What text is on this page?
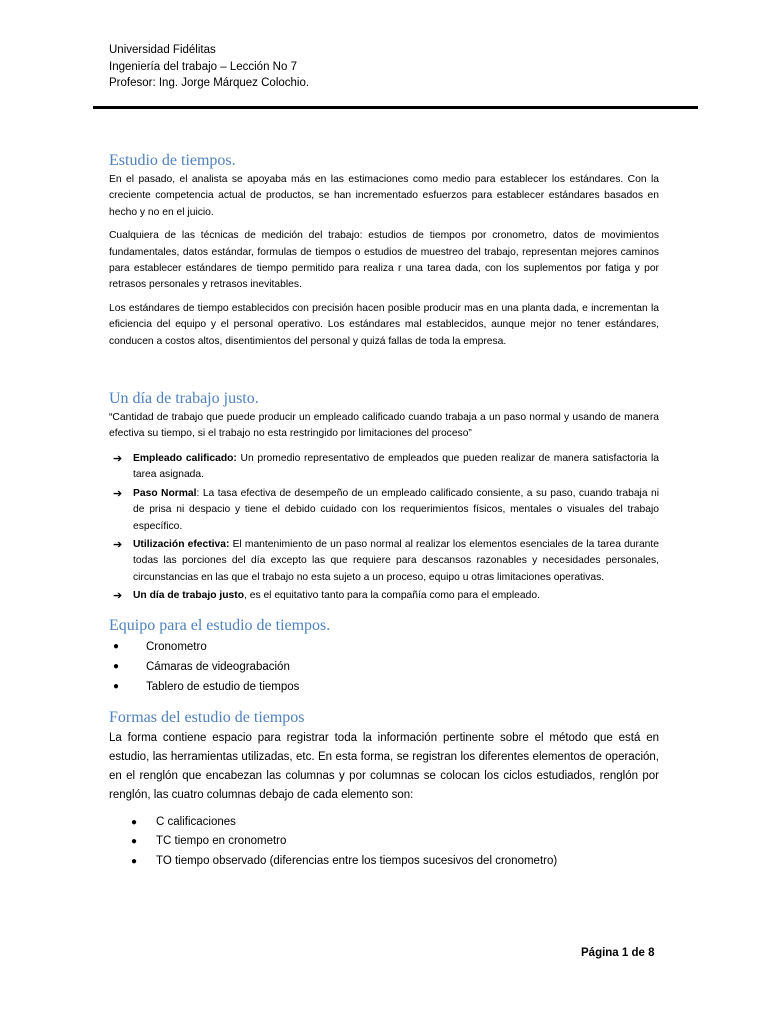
Universidad Fidélitas
Ingeniería del trabajo – Lección No 7
Profesor: Ing. Jorge Márquez Colochio.
Estudio de tiempos.

En el pasado, el analista se apoyaba más en las estimaciones como medio para establecer los estándares. Con la creciente competencia actual de productos, se han incrementado esfuerzos para establecer estándares basados en hecho y no en el juicio.

Cualquiera de las técnicas de medición del trabajo: estudios de tiempos por cronometro, datos de movimientos fundamentales, datos estándar, formulas de tiempos o estudios de muestreo del trabajo, representan mejores caminos para establecer estándares de tiempo permitido para realiza r una tarea dada, con los suplementos por fatiga y por retrasos personales y retrasos inevitables.

Los estándares de tiempo establecidos con precisión hacen posible producir mas en una planta dada, e incrementan la eficiencia del equipo y el personal operativo. Los estándares mal establecidos, aunque mejor no tener estándares, conducen a costos altos, disentimientos del personal y quizá fallas de toda la empresa.

Un día de trabajo justo.

“Cantidad de trabajo que puede producir un empleado calificado cuando trabaja a un paso normal y usando de manera efectiva su tiempo, si el trabajo no esta restringido por limitaciones del proceso”

➔ Empleado calificado: Un promedio representativo de empleados que pueden realizar de manera satisfactoria la tarea asignada.
➔ Paso Normal: La tasa efectiva de desempeño de un empleado calificado consiente, a su paso, cuando trabaja ni de prisa ni despacio y tiene el debido cuidado con los requerimientos físicos, mentales o visuales del trabajo específico.
➔ Utilización efectiva: El mantenimiento de un paso normal al realizar los elementos esenciales de la tarea durante todas las porciones del día excepto las que requiere para descansos razonables y necesidades personales, circunstancias en las que el trabajo no esta sujeto a un proceso, equipo u otras limitaciones operativas.
➔ Un día de trabajo justo, es el equitativo tanto para la compañía como para el empleado.
Equipo para el estudio de tiempos.
● Cronometro
● Cámaras de videograbación
● Tablero de estudio de tiempos
Formas del estudio de tiempos

La forma contiene espacio para registrar toda la información pertinente sobre el método que está en estudio, las herramientas utilizadas, etc. En esta forma, se registran los diferentes elementos de operación, en el renglón que encabezan las columnas y por columnas se colocan los ciclos estudiados, renglón por renglón, las cuatro columnas debajo de cada elemento son:

● C calificaciones
● TC tiempo en cronometro
● TO tiempo observado (diferencias entre los tiempos sucesivos del cronometro)
Página 1 de 8
